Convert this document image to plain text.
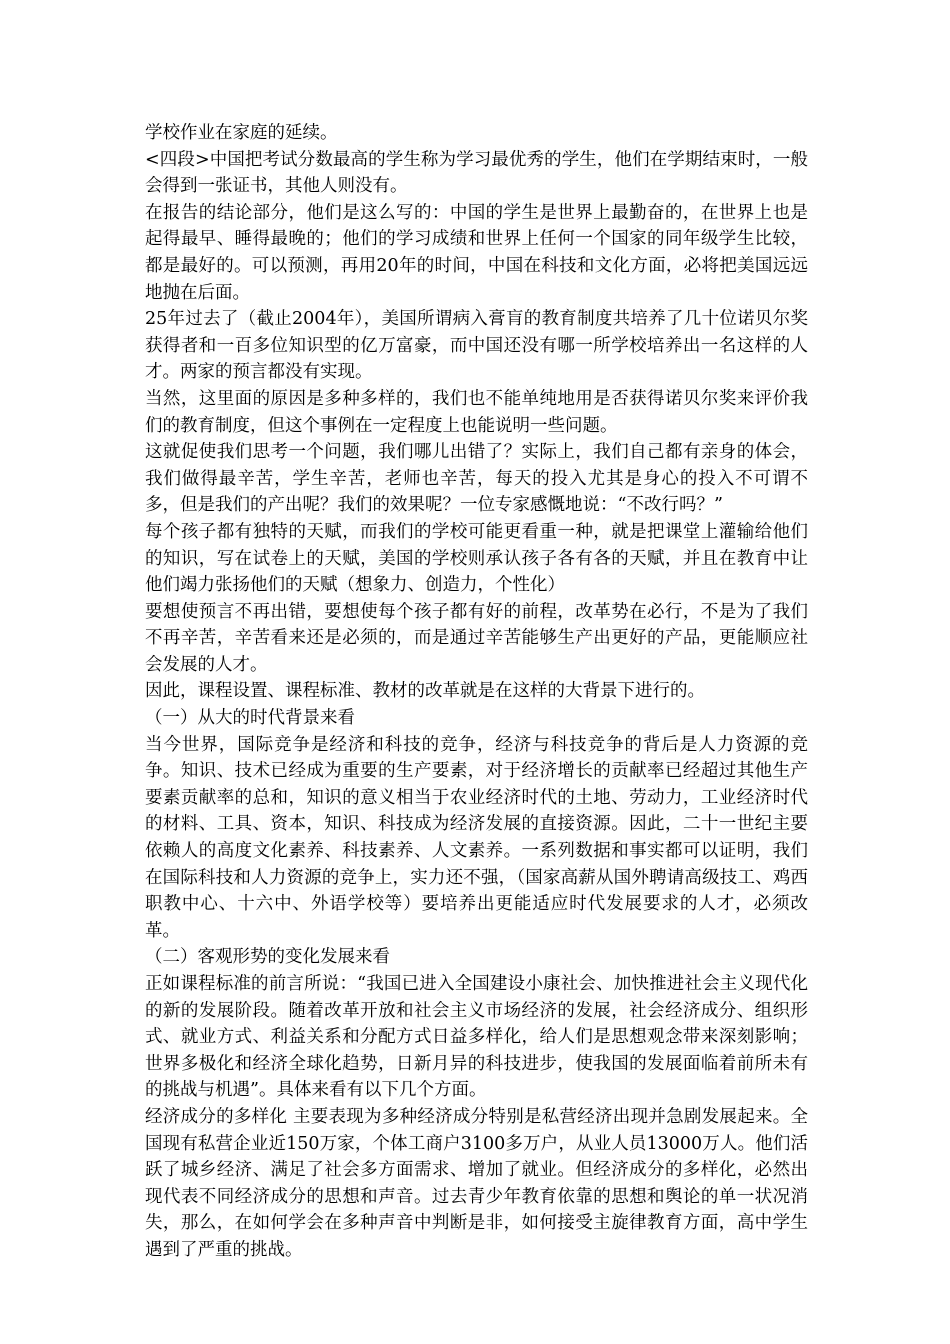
学校作业在家庭的延续。

<四段>中国把考试分数最高的学生称为学习最优秀的学生，他们在学期结束时，一般会得到一张证书，其他人则没有。

在报告的结论部分，他们是这么写的：中国的学生是世界上最勤奋的，在世界上也是起得最早、睡得最晚的；他们的学习成绩和世界上任何一个国家的同年级学生比较，都是最好的。可以预测，再用20年的时间，中国在科技和文化方面，必将把美国远远地抛在后面。

25年过去了（截止2004年），美国所谓病入膏肓的教育制度共培养了几十位诺贝尔奖获得者和一百多位知识型的亿万富豪，而中国还没有哪一所学校培养出一名这样的人才。两家的预言都没有实现。

当然，这里面的原因是多种多样的，我们也不能单纯地用是否获得诺贝尔奖来评价我们的教育制度，但这个事例在一定程度上也能说明一些问题。

这就促使我们思考一个问题，我们哪儿出错了？实际上，我们自己都有亲身的体会，我们做得最辛苦，学生辛苦，老师也辛苦，每天的投入尤其是身心的投入不可谓不多，但是我们的产出呢？我们的效果呢？一位专家感慨地说：“不改行吗？”

每个孩子都有独特的天赋，而我们的学校可能更看重一种，就是把课堂上灌输给他们的知识，写在试卷上的天赋，美国的学校则承认孩子各有各的天赋，并且在教育中让他们竭力张扬他们的天赋（想象力、创造力，个性化）

要想使预言不再出错，要想使每个孩子都有好的前程，改革势在必行，不是为了我们不再辛苦，辛苦看来还是必须的，而是通过辛苦能够生产出更好的产品，更能顺应社会发展的人才。

因此，课程设置、课程标准、教材的改革就是在这样的大背景下进行的。

（一）从大的时代背景来看

当今世界，国际竞争是经济和科技的竞争，经济与科技竞争的背后是人力资源的竞争。知识、技术已经成为重要的生产要素，对于经济增长的贡献率已经超过其他生产要素贡献率的总和，知识的意义相当于农业经济时代的土地、劳动力，工业经济时代的材料、工具、资本，知识、科技成为经济发展的直接资源。因此，二十一世纪主要依赖人的高度文化素养、科技素养、人文素养。一系列数据和事实都可以证明，我们在国际科技和人力资源的竞争上，实力还不强，（国家高薪从国外聘请高级技工、鸡西职教中心、十六中、外语学校等）要培养出更能适应时代发展要求的人才，必须改革。

（二）客观形势的变化发展来看

正如课程标准的前言所说：“我国已进入全国建设小康社会、加快推进社会主义现代化的新的发展阶段。随着改革开放和社会主义市场经济的发展，社会经济成分、组织形式、就业方式、利益关系和分配方式日益多样化，给人们是思想观念带来深刻影响；世界多极化和经济全球化趋势，日新月异的科技进步，使我国的发展面临着前所未有的挑战与机遇”。具体来看有以下几个方面。

经济成分的多样化 主要表现为多种经济成分特别是私营经济出现并急剧发展起来。全国现有私营企业近150万家，个体工商户3100多万户，从业人员13000万人。他们活跃了城乡经济、满足了社会多方面需求、增加了就业。但经济成分的多样化，必然出现代表不同经济成分的思想和声音。过去青少年教育依靠的思想和舆论的单一状况消失，那么，在如何学会在多种声音中判断是非，如何接受主旋律教育方面，高中学生遇到了严重的挑战。
